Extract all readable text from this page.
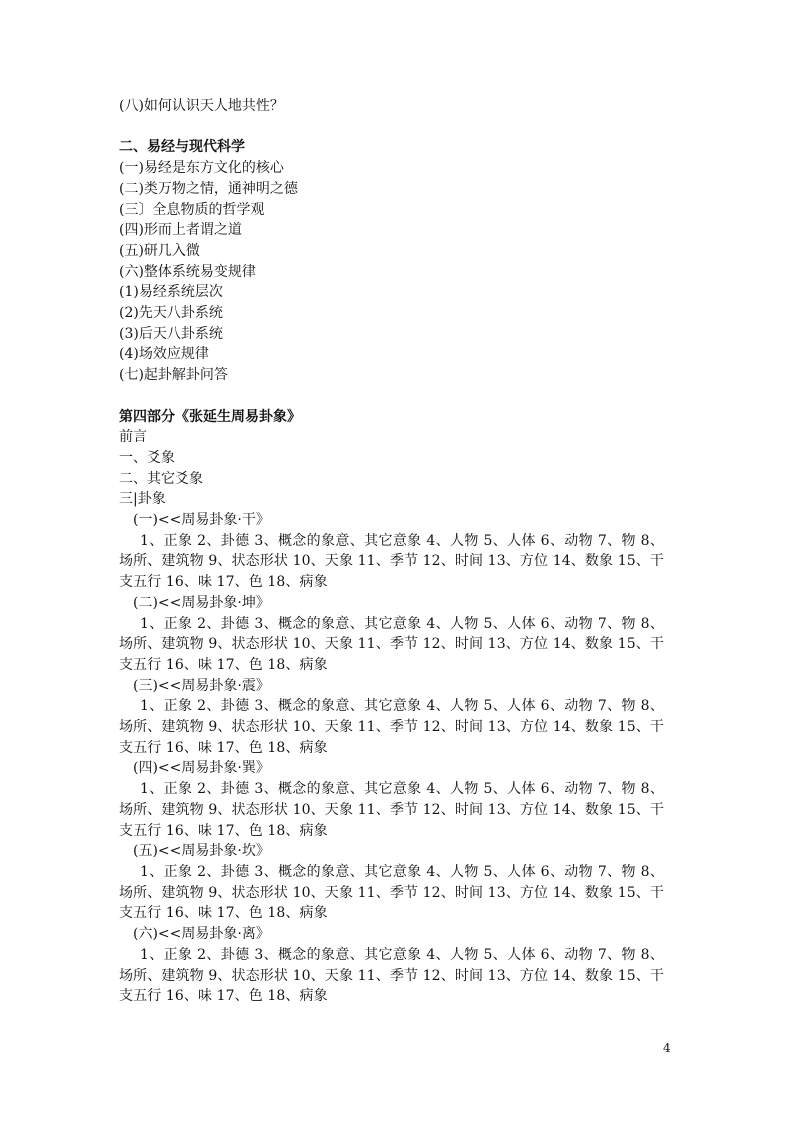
(八)如何认识天人地共性？
二、易经与现代科学
(一)易经是东方文化的核心
(二)类万物之情，通神明之德
(三〕全息物质的哲学观
(四)形而上者谓之道
(五)研几入微
(六)整体系统易变规律
(1)易经系统层次
(2)先天八卦系统
(3)后天八卦系统
(4)场效应规律
(七)起卦解卦问答
第四部分《张延生周易卦象》
前言
一、爻象
二、其它爻象
三|卦象
(一)<<周易卦象·干》
1、正象 2、卦德 3、概念的象意、其它意象 4、人物 5、人体 6、动物 7、物 8、场所、建筑物 9、状态形状 10、天象 11、季节 12、时间 13、方位 14、数象 15、干支五行 16、味 17、色 18、病象
(二)<<周易卦象·坤》
1、正象 2、卦德 3、概念的象意、其它意象 4、人物 5、人体 6、动物 7、物 8、场所、建筑物 9、状态形状 10、天象 11、季节 12、时间 13、方位 14、数象 15、干支五行 16、味 17、色 18、病象
(三)<<周易卦象·震》
1、正象 2、卦德 3、概念的象意、其它意象 4、人物 5、人体 6、动物 7、物 8、场所、建筑物 9、状态形状 10、天象 11、季节 12、时间 13、方位 14、数象 15、干支五行 16、味 17、色 18、病象
(四)<<周易卦象·巽》
1、正象 2、卦德 3、概念的象意、其它意象 4、人物 5、人体 6、动物 7、物 8、场所、建筑物 9、状态形状 10、天象 11、季节 12、时间 13、方位 14、数象 15、干支五行 16、味 17、色 18、病象
(五)<<周易卦象·坎》
1、正象 2、卦德 3、概念的象意、其它意象 4、人物 5、人体 6、动物 7、物 8、场所、建筑物 9、状态形状 10、天象 11、季节 12、时间 13、方位 14、数象 15、干支五行 16、味 17、色 18、病象
(六)<<周易卦象·离》
1、正象 2、卦德 3、概念的象意、其它意象 4、人物 5、人体 6、动物 7、物 8、场所、建筑物 9、状态形状 10、天象 11、季节 12、时间 13、方位 14、数象 15、干支五行 16、味 17、色 18、病象
4
